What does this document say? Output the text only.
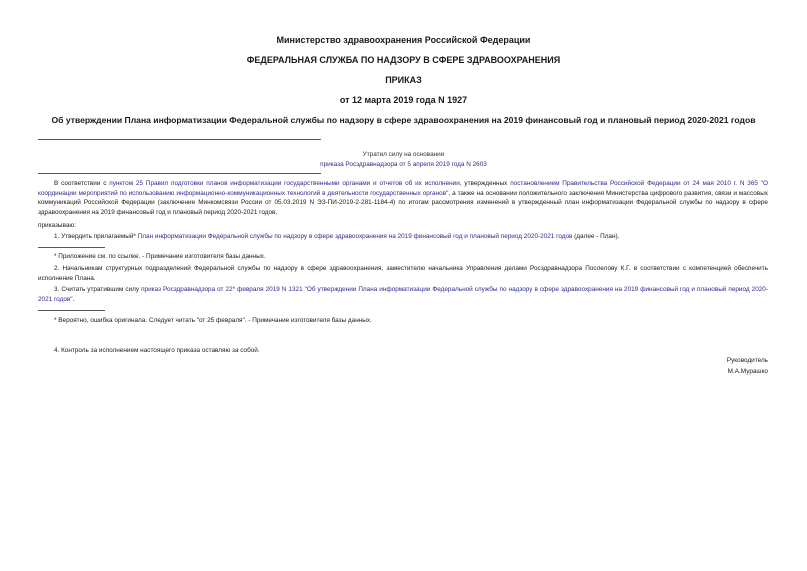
Министерство здравоохранения Российской Федерации
ФЕДЕРАЛЬНАЯ СЛУЖБА ПО НАДЗОРУ В СФЕРЕ ЗДРАВООХРАНЕНИЯ
ПРИКАЗ
от 12 марта 2019 года N 1927
Об утверждении Плана информатизации Федеральной службы по надзору в сфере здравоохранения на 2019 финансовый год и плановый период 2020-2021 годов
Утратил силу на основании
приказа Росздравнадзора от 5 апреля 2019 года N 2603
В соответствии с пунктом 25 Правил подготовки планов информатизации государственными органами и отчетов об их исполнении, утвержденных постановлением Правительства Российской Федерации от 24 мая 2010 г. N 365 "О координации мероприятий по использованию информационно-коммуникационных технологий в деятельности государственных органов", а также на основании положительного заключения Министерства цифрового развития, связи и массовых коммуникаций Российской Федерации (заключение Минкомсвязи России от 05.03.2019 N ЭЗ-ПИ-2019-2-281-1184-4) по итогам рассмотрения изменений в утвержденный план информатизации Федеральной службы по надзору в сфере здравоохранения на 2019 финансовый год и плановый период 2020-2021 годов,
приказываю:
1. Утвердить прилагаемый* План информатизации Федеральной службы по надзору в сфере здравоохранения на 2019 финансовый год и плановый период 2020-2021 годов (далее - План).
* Приложение см. по ссылке. - Примечание изготовителя базы данных.
2. Начальникам структурных подразделений Федеральной службы по надзору в сфере здравоохранения, заместителю начальника Управления делами Росздравнадзора Послелову К.Г. в соответствии с компетенцией обеспечить исполнение Плана.
3. Считать утратившим силу приказ Росздравнадзора от 22* февраля 2019 N 1321 "Об утверждении Плана информатизации Федеральной службы по надзору в сфере здравоохранения на 2019 финансовый год и плановый период 2020-2021 годов".
* Вероятно, ошибка оригинала. Следует читать "от 25 февраля". - Примечание изготовителя базы данных.
4. Контроль за исполнением настоящего приказа оставляю за собой.
Руководитель
М.А.Мурашко
